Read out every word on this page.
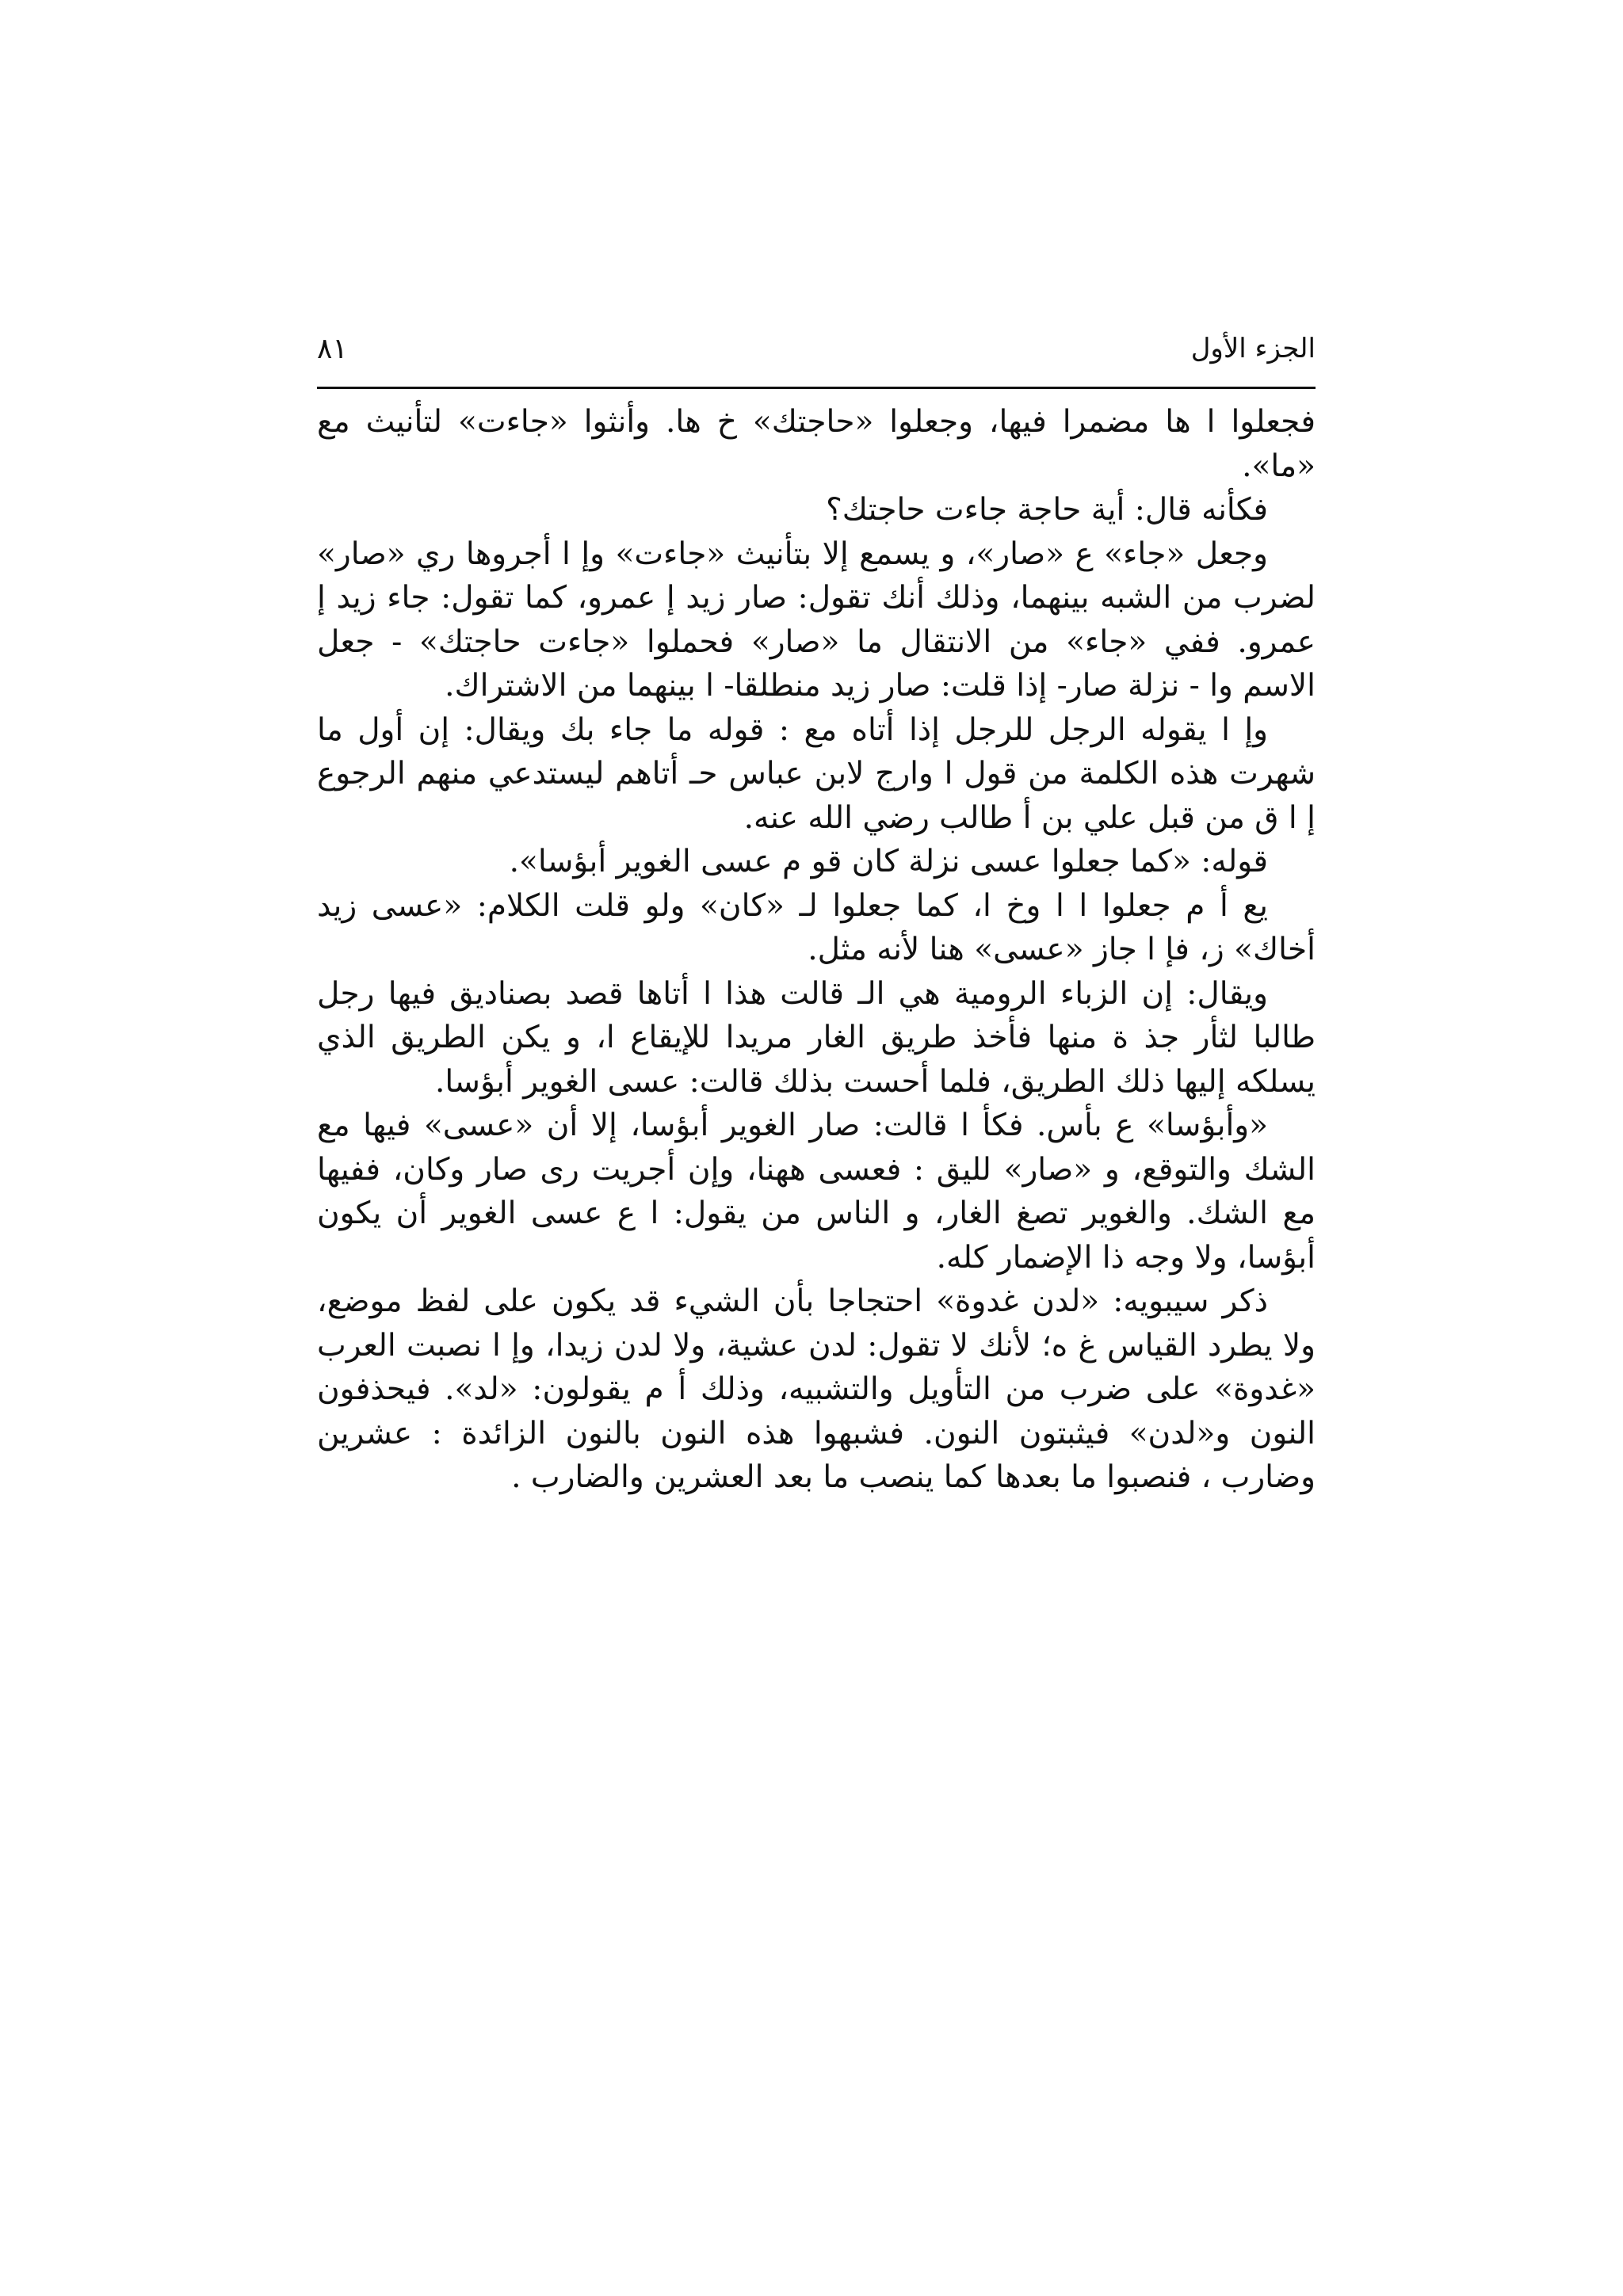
الجزء الأول
٨١

فجعلوا ا ها مضمرا فيها، وجعلوا «حاجتك» خ ها. وأنثوا «جاءت» لتأنيث مع «ما».

فكأنه قال: أية حاجة جاءت حاجتك؟

وجعل «جاء» ع «صار»، و يسمع إلا بتأنيث «جاءت» وإ ا أجروها ري «صار» لضرب من الشبه بينهما، وذلك أنك تقول: صار زيد إ عمرو، كما تقول: جاء زيد إ عمرو. ففي «جاء» من الانتقال ما «صار» فحملوا «جاءت حاجتك» - جعل الاسم وا - نزلة صار- إذا قلت: صار زيد منطلقا- ا بينهما من الاشتراك.

وإ ا يقوله الرجل للرجل إذا أتاه مع : قوله ما جاء بك ويقال: إن أول ما شهرت هذه الكلمة من قول ا وارج لابن عباس حـ أتاهم ليستدعي منهم الرجوع إ ا ق من قبل علي بن أ طالب رضي الله عنه.

قوله: «كما جعلوا عسى نزلة كان قو م عسى الغوير أبؤسا».

يع أ م جعلوا ا ا وخ ا، كما جعلوا لـ «كان» ولو قلت الكلام: «عسى زيد أخاك» ز، فإ ا جاز «عسى» هنا لأنه مثل.

ويقال: إن الزباء الرومية هي الـ قالت هذا ا أتاها قصد بصناديق فيها رجل طالبا لثأر جذ ة منها فأخذ طريق الغار مريدا للإيقاع ا، و يكن الطريق الذي يسلكه إليها ذلك الطريق، فلما أحست بذلك قالت: عسى الغوير أبؤسا.

«وأبؤسا» ع بأس. فكأ ا قالت: صار الغوير أبؤسا، إلا أن «عسى» فيها مع الشك والتوقع، و «صار» لليق : فعسى ههنا، وإن أجريت رى صار وكان، ففيها مع الشك. والغوير تصغ الغار، و الناس من يقول: ا ع عسى الغوير أن يكون أبؤسا، ولا وجه ذا الإضمار كله.

ذكر سيبويه: «لدن غدوة» احتجاجا بأن الشيء قد يكون على لفظ موضع، ولا يطرد القياس غ ه؛ لأنك لا تقول: لدن عشية، ولا لدن زيدا، وإ ا نصبت العرب «غدوة» على ضرب من التأويل والتشبيه، وذلك أ م يقولون: «لد». فيحذفون النون و«لدن» فيثبتون النون. فشبهوا هذه النون بالنون الزائدة : عشرين وضارب ، فنصبوا ما بعدها كما ينصب ما بعد العشرين والضارب .
